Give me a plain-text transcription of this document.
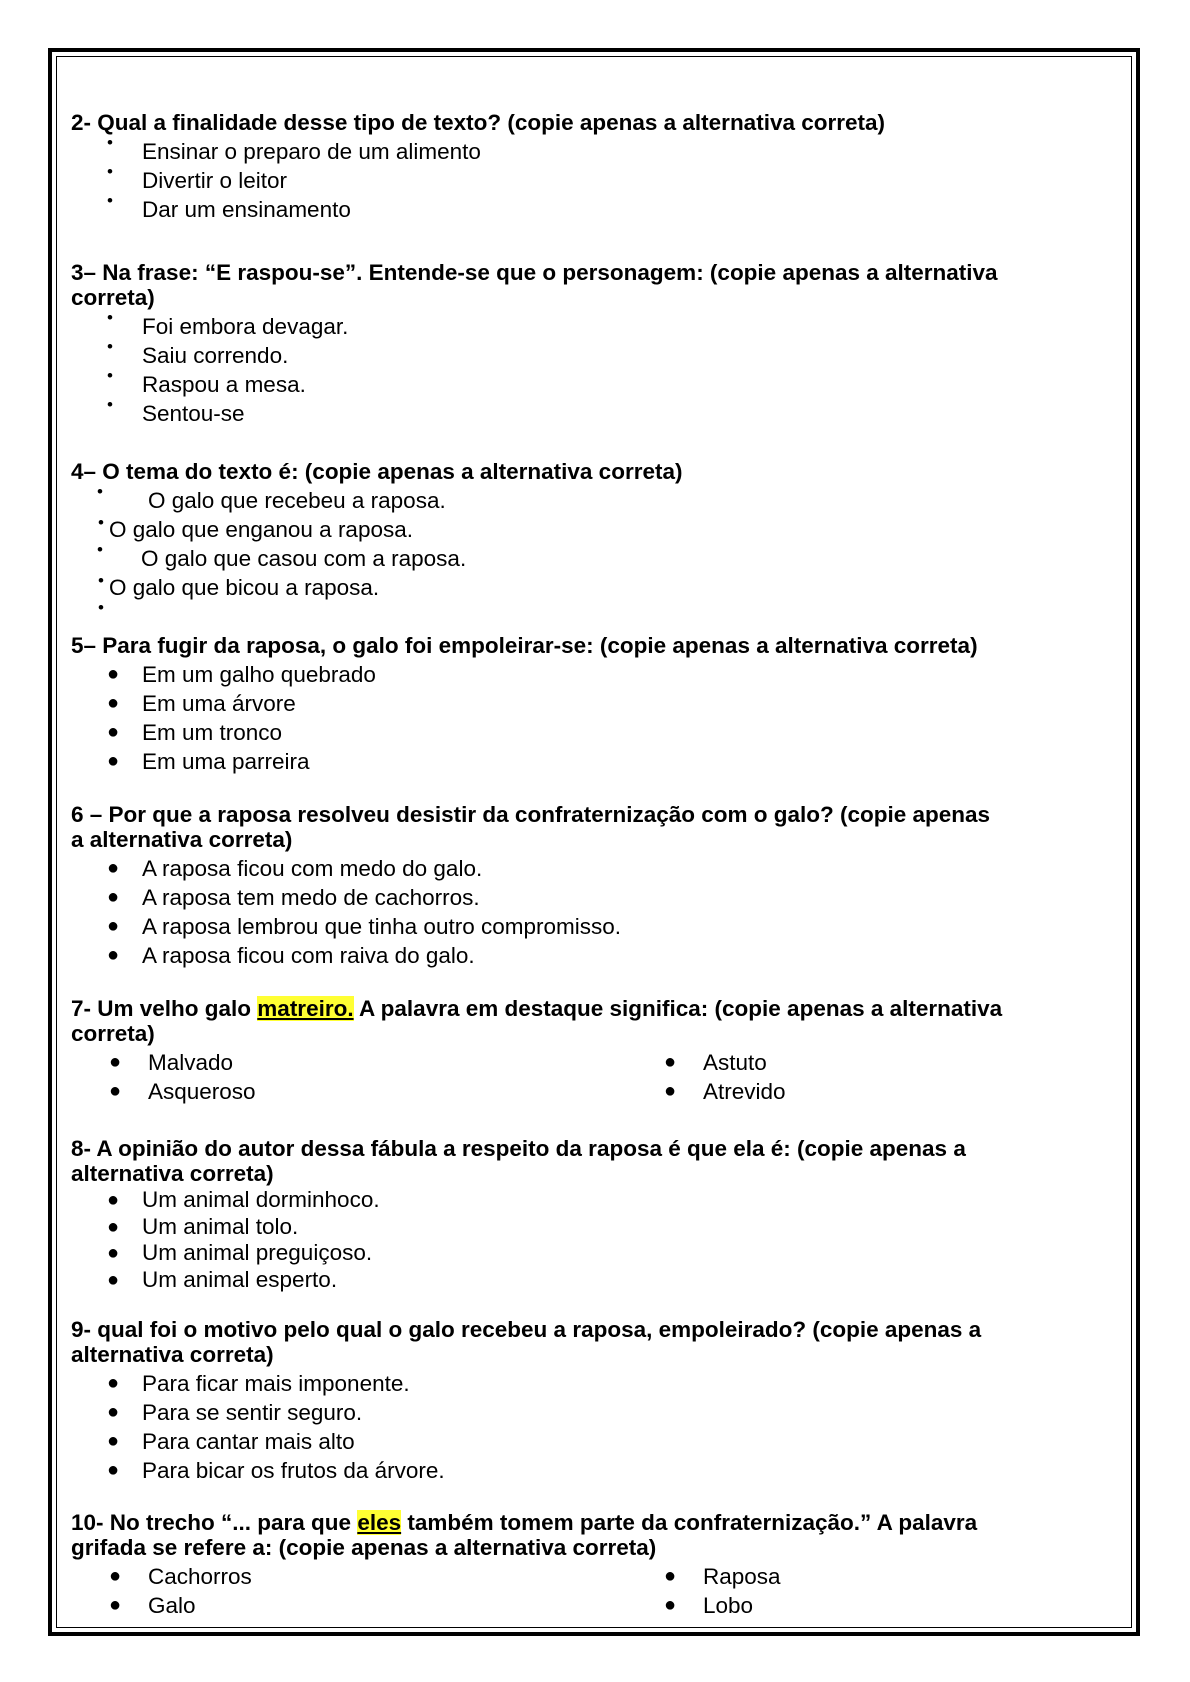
2- Qual a finalidade desse tipo de texto? (copie apenas a alternativa correta)

• Ensinar o preparo de um alimento
• Divertir o leitor
• Dar um ensinamento

3– Na frase: “E raspou-se”. Entende-se que o personagem: (copie apenas a alternativa
correta)

• Foi embora devagar.
• Saiu correndo.
• Raspou a mesa.
• Sentou-se

4– O tema do texto é: (copie apenas a alternativa correta)

• O galo que recebeu a raposa.
• O galo que enganou a raposa.
• O galo que casou com a raposa.
• O galo que bicou a raposa.
•

5– Para fugir da raposa, o galo foi empoleirar-se: (copie apenas a alternativa correta)

● Em um galho quebrado
● Em uma árvore
● Em um tronco
● Em uma parreira

6 – Por que a raposa resolveu desistir da confraternização com o galo? (copie apenas
a alternativa correta)

● A raposa ficou com medo do galo.
● A raposa tem medo de cachorros.
● A raposa lembrou que tinha outro compromisso.
● A raposa ficou com raiva do galo.

7- Um velho galo matreiro. A palavra em destaque significa: (copie apenas a alternativa
correta)

● Malvado
● Asqueroso
● Astuto
● Atrevido

8- A opinião do autor dessa fábula a respeito da raposa é que ela é: (copie apenas a
alternativa correta)

● Um animal dorminhoco.
● Um animal tolo.
● Um animal preguiçoso.
● Um animal esperto.

9- qual foi o motivo pelo qual o galo recebeu a raposa, empoleirado? (copie apenas a
alternativa correta)

● Para ficar mais imponente.
● Para se sentir seguro.
● Para cantar mais alto
● Para bicar os frutos da árvore.

10- No trecho “... para que eles também tomem parte da confraternização.” A palavra
grifada se refere a: (copie apenas a alternativa correta)

● Cachorros
● Galo
● Raposa
● Lobo
